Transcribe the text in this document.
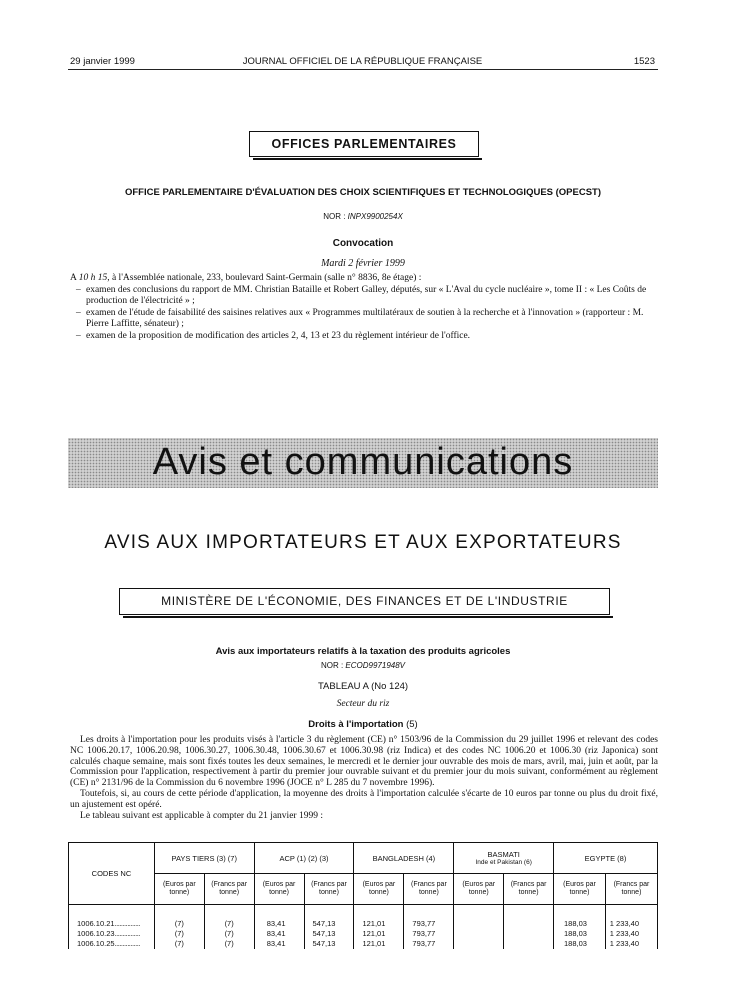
29 janvier 1999	JOURNAL OFFICIEL DE LA RÉPUBLIQUE FRANÇAISE	1523
OFFICES PARLEMENTAIRES
OFFICE PARLEMENTAIRE D'ÉVALUATION DES CHOIX SCIENTIFIQUES ET TECHNOLOGIQUES (OPECST)
NOR : INPX9900254X
Convocation
Mardi 2 février 1999
A 10 h 15, à l'Assemblée nationale, 233, boulevard Saint-Germain (salle n° 8836, 8e étage) :
– examen des conclusions du rapport de MM. Christian Bataille et Robert Galley, députés, sur « L'Aval du cycle nucléaire », tome II : « Les Coûts de production de l'électricité » ;
– examen de l'étude de faisabilité des saisines relatives aux « Programmes multilatéraux de soutien à la recherche et à l'innovation » (rapporteur : M. Pierre Laffitte, sénateur) ;
– examen de la proposition de modification des articles 2, 4, 13 et 23 du règlement intérieur de l'office.
Avis et communications
AVIS AUX IMPORTATEURS ET AUX EXPORTATEURS
MINISTÈRE DE L'ÉCONOMIE, DES FINANCES ET DE L'INDUSTRIE
Avis aux importateurs relatifs à la taxation des produits agricoles
NOR : ECOD9971948V
TABLEAU A (No 124)
Secteur du riz
Droits à l'importation (5)

Les droits à l'importation pour les produits visés à l'article 3 du règlement (CE) n° 1503/96 de la Commission du 29 juillet 1996 et relevant des codes NC 1006.20.17, 1006.20.98, 1006.30.27, 1006.30.48, 1006.30.67 et 1006.30.98 (riz Indica) et des codes NC 1006.20 et 1006.30 (riz Japonica) sont calculés chaque semaine, mais sont fixés toutes les deux semaines, le mercredi et le dernier jour ouvrable des mois de mars, avril, mai, juin et août, par la Commission pour l'application, respectivement à partir du premier jour ouvrable suivant et du premier jour du mois suivant, conformément au règlement (CE) n° 2131/96 de la Commission du 6 novembre 1996 (JOCE n° L 285 du 7 novembre 1996).

Toutefois, si, au cours de cette période d'application, la moyenne des droits à l'importation calculée s'écarte de 10 euros par tonne ou plus du droit fixé, un ajustement est opéré.

Le tableau suivant est applicable à compter du 21 janvier 1999 :

CODES NC	PAYS TIERS (3) (7)		ACP (1) (2) (3)		BANGLADESH (4)		BASMATI
Inde et Pakistan (6)		EGYPTE (8)	
	(Euros par tonne)	(Francs par tonne)	(Euros par tonne)	(Francs par tonne)	(Euros par tonne)	(Francs par tonne)	(Euros par tonne)	(Francs par tonne)	(Euros par tonne)	(Francs par tonne)

1006.10.21 .....	(7)	(7)	83,41	547,13	121,01	793,77			188,03	1 233,40
1006.10.23 .....	(7)	(7)	83,41	547,13	121,01	793,77			188,03	1 233,40
1006.10.25 .....	(7)	(7)	83,41	547,13	121,01	793,77			188,03	1 233,40
